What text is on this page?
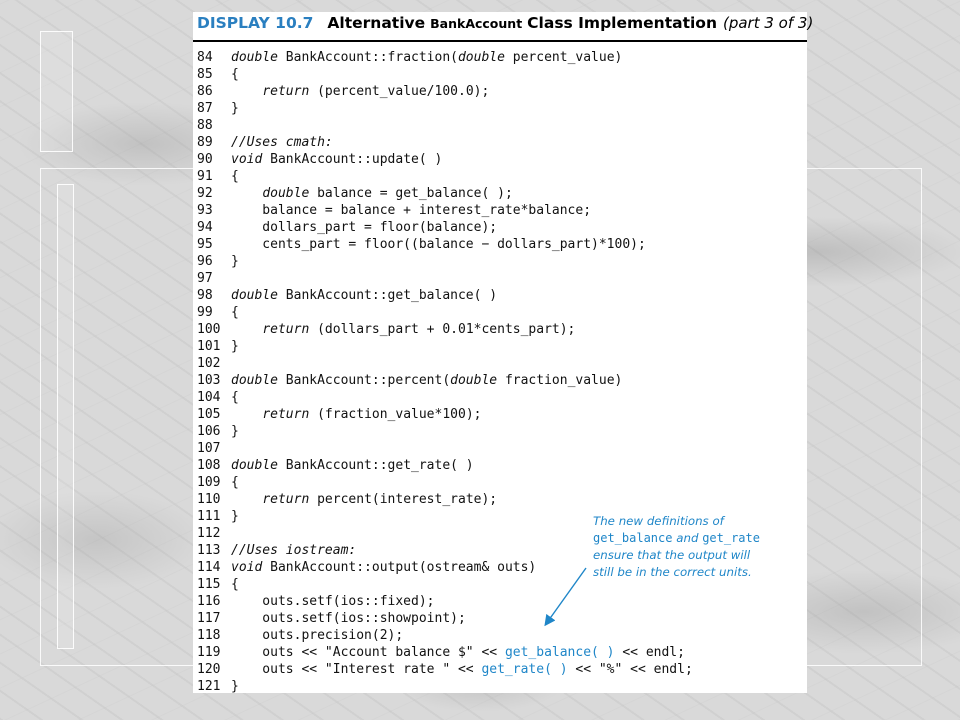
DISPLAY 10.7 Alternative BankAccount Class Implementation (part 3 of 3)
84 double BankAccount::fraction(double percent_value)
85 {
86	return (percent_value/100.0);
87 }
88
89 //Uses cmath:
90 void BankAccount::update( )
91 {
92	double balance = get_balance( );
93    balance = balance + interest_rate*balance;
94    dollars_part = floor(balance);
95    cents_part = floor((balance − dollars_part)*100);
96 }
97
98 double BankAccount::get_balance( )
99 {
100	return (dollars_part + 0.01*cents_part);
101 }
102
103 double BankAccount::percent(double fraction_value)
104 {
105	return (fraction_value*100);
106 }
107
108 double BankAccount::get_rate( )
109 {
110	return percent(interest_rate);
111 }
112
113 //Uses iostream:
114 void BankAccount::output(ostream& outs)
115 {
116    outs.setf(ios::fixed);
117    outs.setf(ios::showpoint);
118    outs.precision(2);
119    outs << "Account balance $" << get_balance( ) << endl;
120    outs << "Interest rate " << get_rate( ) << "%" << endl;
121 }
The new definitions of
get_balance and get_rate
ensure that the output will
still be in the correct units.
